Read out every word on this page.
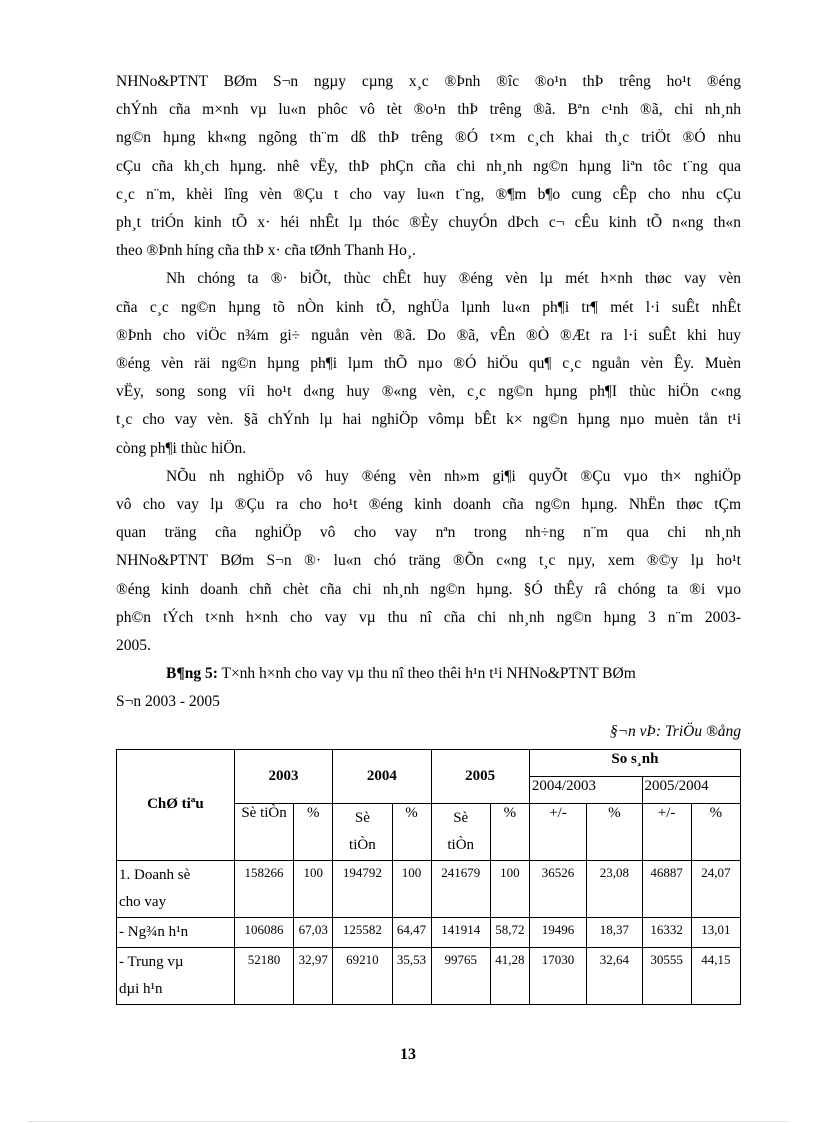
NHNo&PTNT BØm S¬n ngµy cµng x¸c ®Þnh ®îc ®o¹n thÞ trêng ho¹t ®éng
chÝnh cña m×nh vµ lu«n phôc vô tèt ®o¹n thÞ trêng ®ã. Bªn c¹nh ®ã, chi nh¸nh
ng©n hµng kh«ng ngõng th¨m dß thÞ trêng ®Ó t×m c¸ch khai th¸c triÖt ®Ó nhu
cÇu cña kh¸ch hµng. nhê vËy, thÞ phÇn cña chi nh¸nh ng©n hµng liªn tôc t¨ng qua
c¸c n¨m, khèi lîng vèn ®Çu t cho vay lu«n t¨ng, ®¶m b¶o cung cÊp cho nhu cÇu
ph¸t triÓn kinh tÕ x· héi nhÊt lµ thóc ®Èy chuyÓn dÞch c¬ cÊu kinh tÕ n«ng th«n
theo ®Þnh híng cña thÞ x· cña tØnh Thanh Ho¸.

Nh chóng ta ®· biÕt, thùc chÊt huy ®éng vèn lµ mét h×nh thøc vay vèn
cña c¸c ng©n hµng tõ nÒn kinh tÕ, nghÜa lµnh lu«n ph¶i tr¶ mét l·i suÊt nhÊt
®Þnh cho viÖc n¾m gi÷ nguån vèn ®ã. Do ®ã, vÊn ®Ò ®Æt ra l·i suÊt khi huy
®éng vèn räi ng©n hµng ph¶i lµm thÕ nµo ®Ó hiÖu qu¶ c¸c nguån vèn Êy. Muèn
vËy, song song víi ho¹t d«ng huy ®«ng vèn, c¸c ng©n hµng ph¶I thùc hiÖn c«ng
t¸c cho vay vèn. §ã chÝnh lµ hai nghiÖp vômµ bÊt k× ng©n hµng nµo muèn tån t¹i
còng ph¶i thùc hiÖn.

NÕu nh nghiÖp vô huy ®éng vèn nh»m gi¶i quyÕt ®Çu vµo th× nghiÖp
vô cho vay lµ ®Çu ra cho ho¹t ®éng kinh doanh cña ng©n hµng. NhËn thøc tÇm
quan träng cña nghiÖp vô cho vay nªn trong nh÷ng n¨m qua chi nh¸nh
NHNo&PTNT BØm S¬n ®· lu«n chó träng ®Õn c«ng t¸c nµy, xem ®©y lµ ho¹t
®éng kinh doanh chñ chèt cña chi nh¸nh ng©n hµng. §Ó thÊy râ chóng ta ®i vµo
ph©n tÝch t×nh h×nh cho vay vµ thu nî cña chi nh¸nh ng©n hµng 3 n¨m 2003-
2005.

B¶ng 5: T×nh h×nh cho vay vµ thu nî theo thêi h¹n t¹i NHNo&PTNT BØm
S¬n 2003 - 2005

§¬n vÞ: TriÖu ®ång
ChØ tiªu	2003		2004		2005		So s¸nh			
							2004/2003		2005/2004	
	Sè tiÒn	%	Sè
tiÒn	%	Sè
tiÒn	%	+/-	%	+/-	%
1. Doanh sè
cho vay	158266	100	194792	100	241679	100	36526	23,08	46887	24,07
- Ng¾n h¹n	106086	67,03	125582	64,47	141914	58,72	19496	18,37	16332	13,01
- Trung vµ
dµi h¹n	52180	32,97	69210	35,53	99765	41,28	17030	32,64	30555	44,15
13
